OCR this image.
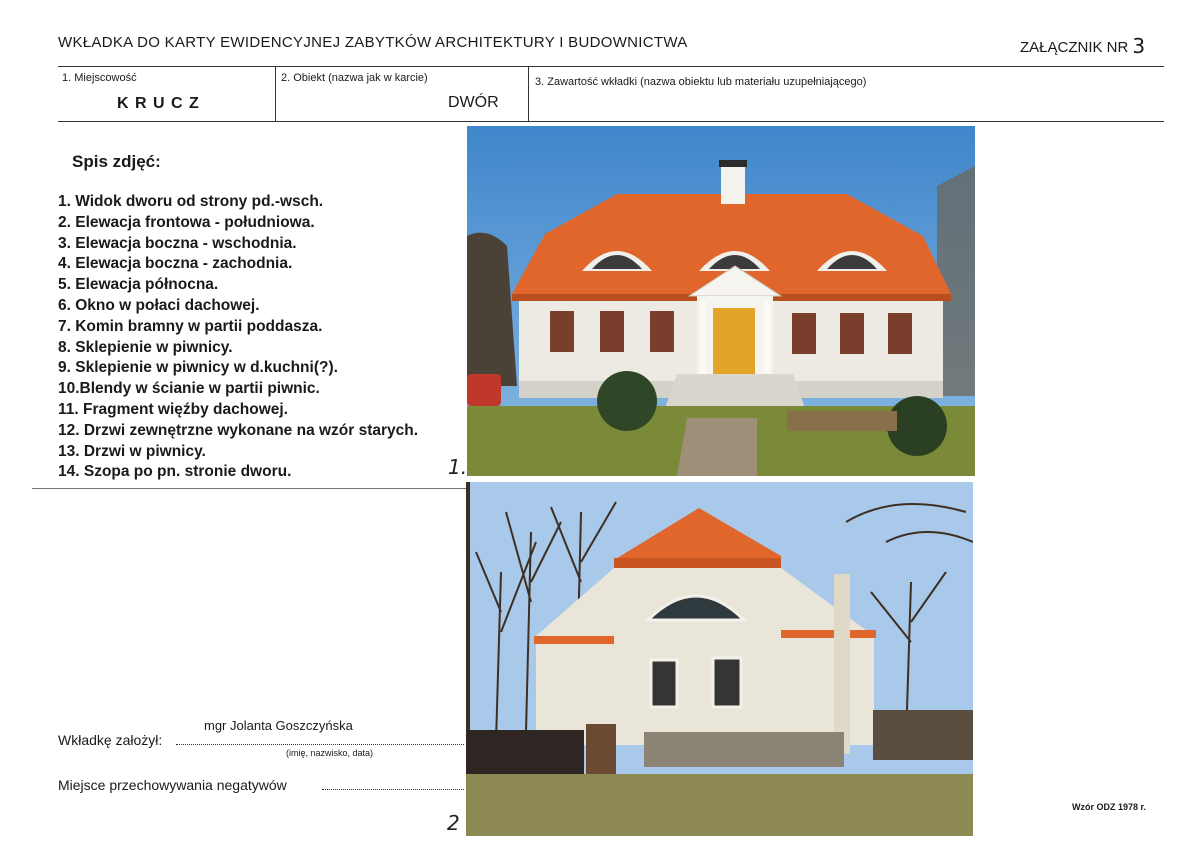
WKŁADKA DO KARTY EWIDENCYJNEJ ZABYTKÓW ARCHITEKTURY I BUDOWNICTWA	ZAŁĄCZNIK NR 3
1. Miejscowość
K R U C Z
2. Obiekt (nazwa jak w karcie)
DWÓR
3. Zawartość wkładki (nazwa obiektu lub materiału uzupełniającego)
Spis zdjęć:
1. Widok dworu od strony pd.-wsch.
2. Elewacja frontowa - południowa.
3. Elewacja boczna - wschodnia.
4. Elewacja boczna - zachodnia.
5. Elewacja północna.
6. Okno w połaci dachowej.
7. Komin bramny w partii poddasza.
8. Sklepienie w piwnicy.
9. Sklepienie w piwnicy w d.kuchni(?).
10.Blendy w ścianie w partii piwnic.
11. Fragment więźby dachowej.
12. Drzwi zewnętrzne wykonane na wzór starych.
13. Drzwi w piwnicy.
14. Szopa po pn. stronie dworu.	1.
2
Wkładkę założył:
mgr Jolanta Goszczyńska
(imię, nazwisko, data)
Miejsce przechowywania negatywów
Wzór ODZ 1978 r.
